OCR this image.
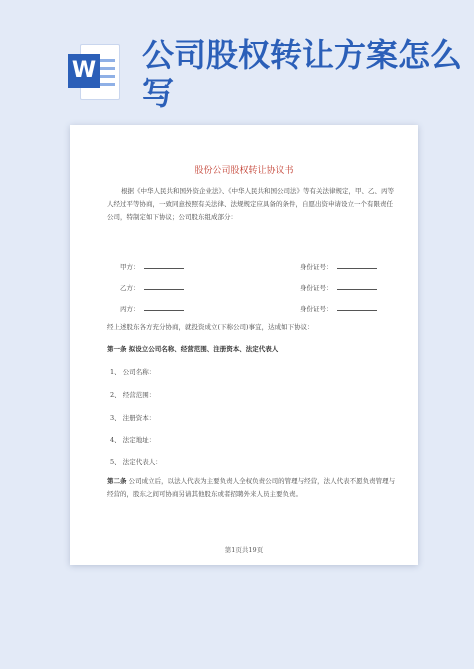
W 公司股权转让方案怎么写
股份公司股权转让协议书

根据《中华人民共和国外资企业法》、《中华人民共和国公司法》等有关法律规定，甲、乙、丙等人经过平等协商，一致同意按照有关法律、法规规定应具备的条件，自愿出资申请设立一个有限责任公司，特制定如下协议；公司股东组成部分：

甲方：	身份证号：
乙方：	身份证号：
丙方：	身份证号：

经上述股东各方充分协商，就投资成立(下称公司)事宜，达成如下协议：

第一条 拟设立公司名称、经营范围、注册资本、法定代表人
1、 公司名称：
2、 经营范围：
3、 注册资本：
4、 法定地址：
5、 法定代表人：

第二条 公司成立后，以法人代表为主要负责人全权负责公司的管理与经营，法人代表不愿负责管理与经营的，股东之间可协商另请其他股东或者招聘外来人员主要负责。

第1页共19页
